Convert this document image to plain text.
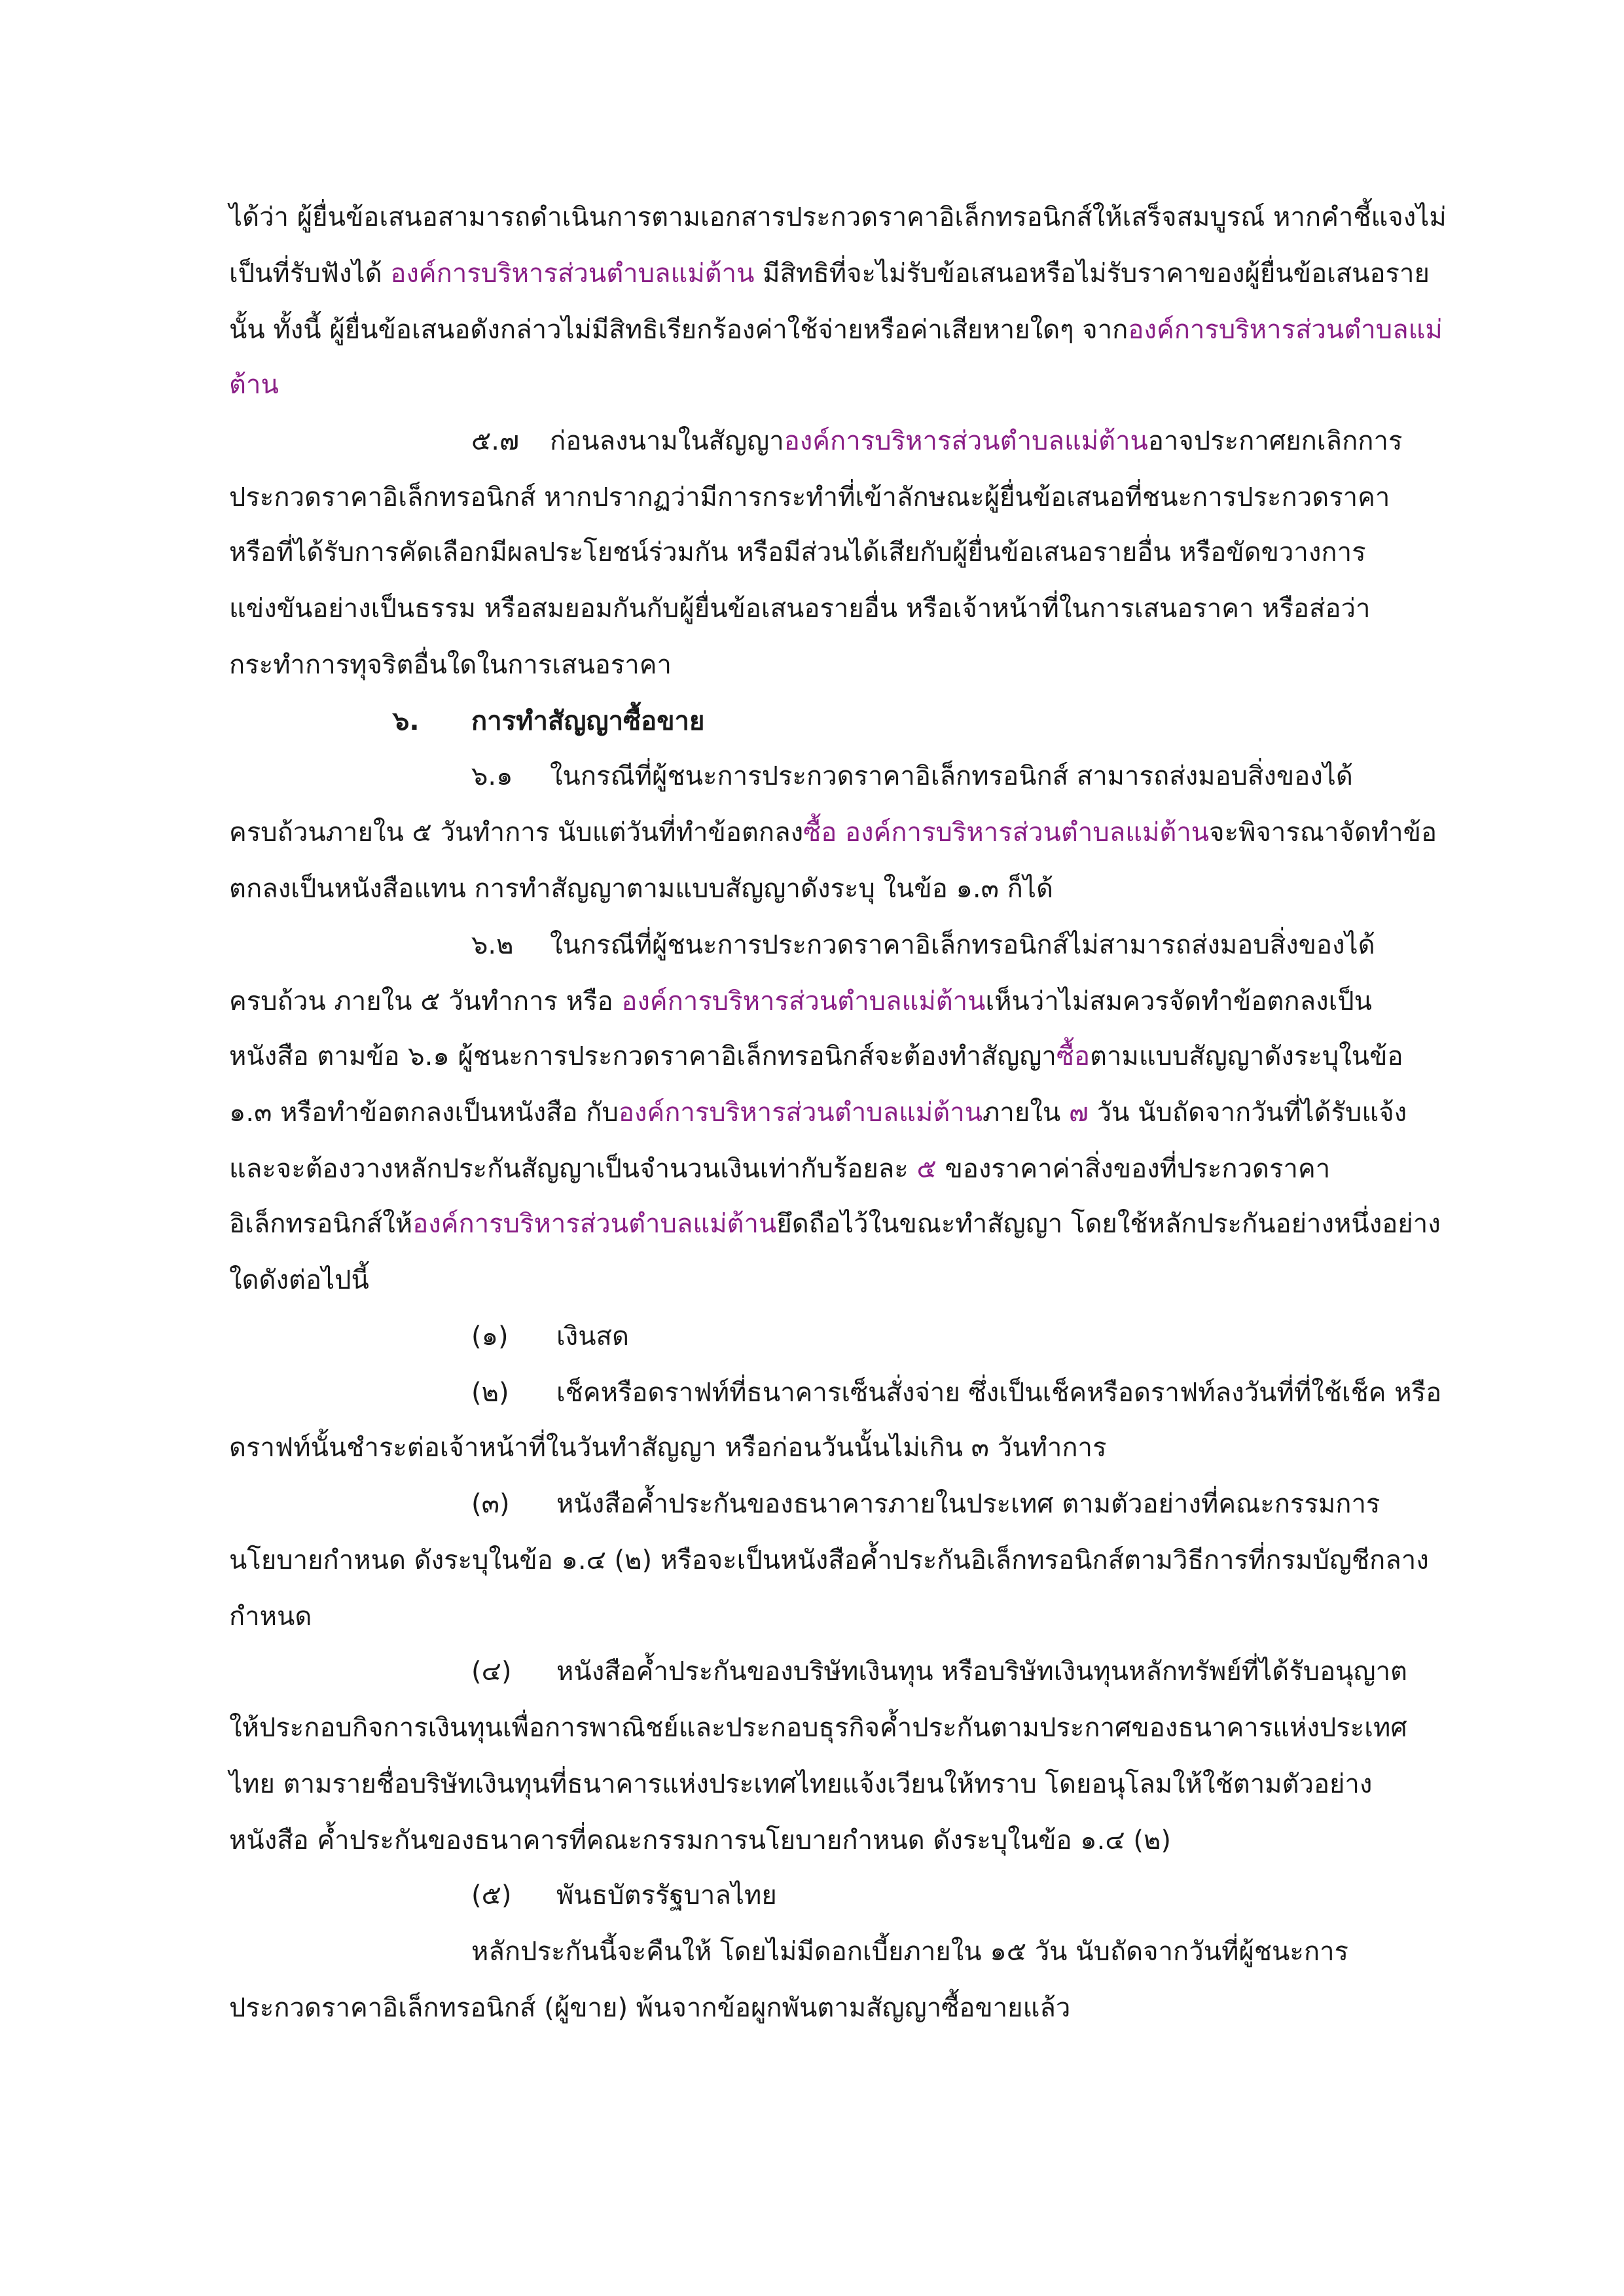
ได้ว่า ผู้ยื่นข้อเสนอสามารถดำเนินการตามเอกสารประกวดราคาอิเล็กทรอนิกส์ให้เสร็จสมบูรณ์ หากคำชี้แจงไม่
เป็นที่รับฟังได้ องค์การบริหารส่วนตำบลแม่ต้าน มีสิทธิที่จะไม่รับข้อเสนอหรือไม่รับราคาของผู้ยื่นข้อเสนอราย
นั้น ทั้งนี้ ผู้ยื่นข้อเสนอดังกล่าวไม่มีสิทธิเรียกร้องค่าใช้จ่ายหรือค่าเสียหายใดๆ จากองค์การบริหารส่วนตำบลแม่
ต้าน
๕.๗ ก่อนลงนามในสัญญาองค์การบริหารส่วนตำบลแม่ต้านอาจประกาศยกเลิกการ
ประกวดราคาอิเล็กทรอนิกส์ หากปรากฏว่ามีการกระทำที่เข้าลักษณะผู้ยื่นข้อเสนอที่ชนะการประกวดราคา
หรือที่ได้รับการคัดเลือกมีผลประโยชน์ร่วมกัน หรือมีส่วนได้เสียกับผู้ยื่นข้อเสนอรายอื่น หรือขัดขวางการ
แข่งขันอย่างเป็นธรรม หรือสมยอมกันกับผู้ยื่นข้อเสนอรายอื่น หรือเจ้าหน้าที่ในการเสนอราคา หรือส่อว่า
กระทำการทุจริตอื่นใดในการเสนอราคา
๖. การทำสัญญาซื้อขาย
๖.๑ ในกรณีที่ผู้ชนะการประกวดราคาอิเล็กทรอนิกส์ สามารถส่งมอบสิ่งของได้
ครบถ้วนภายใน ๕ วันทำการ นับแต่วันที่ทำข้อตกลงซื้อ องค์การบริหารส่วนตำบลแม่ต้านจะพิจารณาจัดทำข้อ
ตกลงเป็นหนังสือแทน การทำสัญญาตามแบบสัญญาดังระบุ ในข้อ ๑.๓ ก็ได้
๖.๒ ในกรณีที่ผู้ชนะการประกวดราคาอิเล็กทรอนิกส์ไม่สามารถส่งมอบสิ่งของได้
ครบถ้วน ภายใน ๕ วันทำการ หรือ องค์การบริหารส่วนตำบลแม่ต้านเห็นว่าไม่สมควรจัดทำข้อตกลงเป็น
หนังสือ ตามข้อ ๖.๑ ผู้ชนะการประกวดราคาอิเล็กทรอนิกส์จะต้องทำสัญญาซื้อตามแบบสัญญาดังระบุในข้อ
๑.๓ หรือทำข้อตกลงเป็นหนังสือ กับองค์การบริหารส่วนตำบลแม่ต้านภายใน ๗ วัน นับถัดจากวันที่ได้รับแจ้ง
และจะต้องวางหลักประกันสัญญาเป็นจำนวนเงินเท่ากับร้อยละ ๕ ของราคาค่าสิ่งของที่ประกวดราคา
อิเล็กทรอนิกส์ให้องค์การบริหารส่วนตำบลแม่ต้านยึดถือไว้ในขณะทำสัญญา โดยใช้หลักประกันอย่างหนึ่งอย่าง
ใดดังต่อไปนี้
(๑) เงินสด
(๒) เช็คหรือดราฟท์ที่ธนาคารเซ็นสั่งจ่าย ซึ่งเป็นเช็คหรือดราฟท์ลงวันที่ที่ใช้เช็ค หรือ
ดราฟท์นั้นชำระต่อเจ้าหน้าที่ในวันทำสัญญา หรือก่อนวันนั้นไม่เกิน ๓ วันทำการ
(๓) หนังสือค้ำประกันของธนาคารภายในประเทศ ตามตัวอย่างที่คณะกรรมการ
นโยบายกำหนด ดังระบุในข้อ ๑.๔ (๒) หรือจะเป็นหนังสือค้ำประกันอิเล็กทรอนิกส์ตามวิธีการที่กรมบัญชีกลาง
กำหนด
(๔) หนังสือค้ำประกันของบริษัทเงินทุน หรือบริษัทเงินทุนหลักทรัพย์ที่ได้รับอนุญาต
ให้ประกอบกิจการเงินทุนเพื่อการพาณิชย์และประกอบธุรกิจค้ำประกันตามประกาศของธนาคารแห่งประเทศ
ไทย ตามรายชื่อบริษัทเงินทุนที่ธนาคารแห่งประเทศไทยแจ้งเวียนให้ทราบ โดยอนุโลมให้ใช้ตามตัวอย่าง
หนังสือ ค้ำประกันของธนาคารที่คณะกรรมการนโยบายกำหนด ดังระบุในข้อ ๑.๔ (๒)
(๕) พันธบัตรรัฐบาลไทย
หลักประกันนี้จะคืนให้ โดยไม่มีดอกเบี้ยภายใน ๑๕ วัน นับถัดจากวันที่ผู้ชนะการ
ประกวดราคาอิเล็กทรอนิกส์ (ผู้ขาย) พ้นจากข้อผูกพันตามสัญญาซื้อขายแล้ว
